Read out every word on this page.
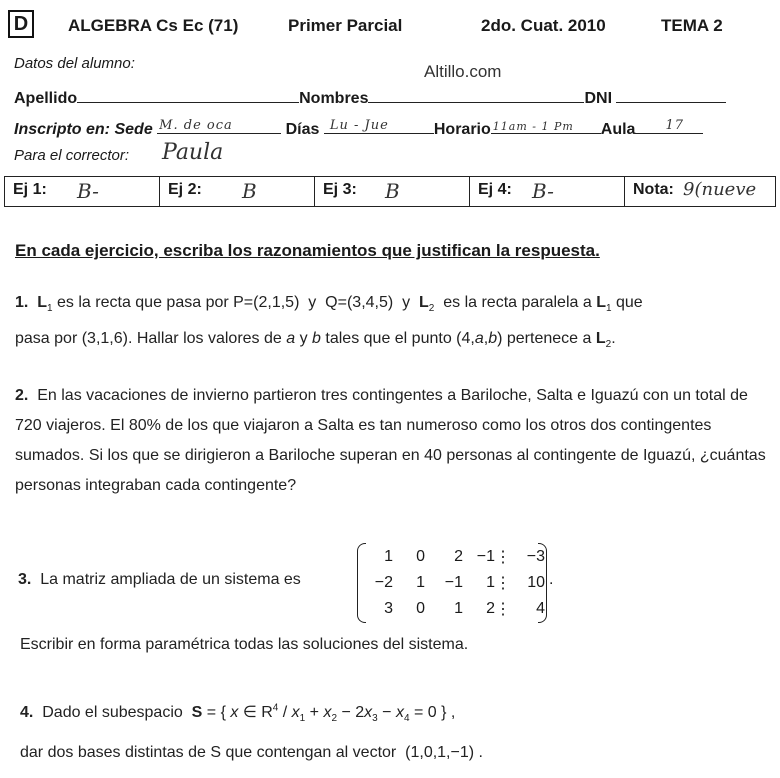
D	ALGEBRA Cs Ec (71)	Primer Parcial	2do. Cuat. 2010	TEMA 2
Altillo.com
Datos del alumno:
Apellido	Nombres	DNI
Inscripto en: Sede M. de oca	Días Lu - Jue	Horario 11am - 1 Pm Aula 17
Para el corrector: Paula
Ej 1: B-	Ej 2: B	Ej 3: B	Ej 4: B-	Nota: 9(nueve
En cada ejercicio, escriba los razonamientos que justifican la respuesta.
1. $L_1$ es la recta que pasa por P=(2,1,5)  y  Q=(3,4,5)  y  $L_2$  es la recta paralela a $L_1$ que
pasa por (3,1,6). Hallar los valores de a y b tales que el punto (4,a,b) pertenece a $L_2$.
2. En las vacaciones de invierno partieron tres contingentes a Bariloche, Salta e Iguazú con un total de 720 viajeros. El 80% de los que viajaron a Salta es tan numeroso como los otros dos contingentes sumados. Si los que se dirigieron a Bariloche superan en 40 personas al contingente de Iguazú, ¿cuántas personas integraban cada contingente?
3. La matriz ampliada de un sistema es
1	0	2	−1	⋮	−3
−2	1	−1	1	⋮	10
3	0	1	2	⋮	4
.
Escribir en forma paramétrica todas las soluciones del sistema.
4. Dado el subespacio S = { x ∈ $R^4 / x_1 + x_2 - 2x_3 - x_4 = 0$ } ,
dar dos bases distintas de S que contengan al vector (1,0,1,−1) .
